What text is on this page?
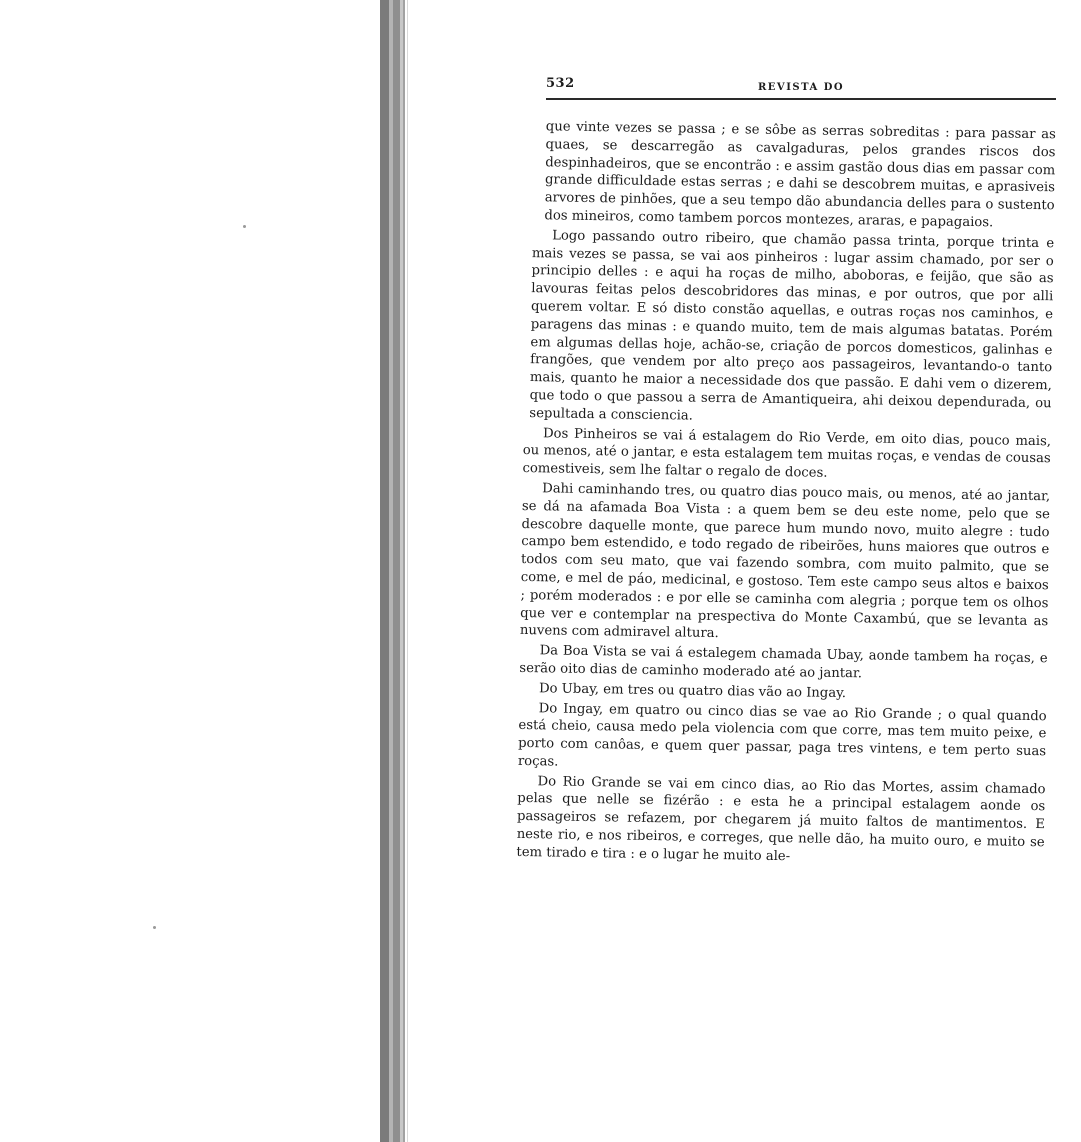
532	REVISTA DO

que vinte vezes se passa ; e se sôbe as serras sobreditas : para passar as quaes, se descarregão as cavalgaduras, pelos grandes riscos dos despinhadeiros, que se encontrão : e assim gastão dous dias em passar com grande difficuldade estas serras ; e dahi se descobrem muitas, e aprasiveis arvores de pinhões, que a seu tempo dão abundancia delles para o sustento dos mineiros, como tambem porcos montezes, araras, e papagaios.

Logo passando outro ribeiro, que chamão passa trinta, porque trinta e mais vezes se passa, se vai aos pinheiros : lugar assim chamado, por ser o principio delles : e aqui ha roças de milho, aboboras, e feijão, que são as lavouras feitas pelos descobridores das minas, e por outros, que por alli querem voltar. E só disto constão aquellas, e outras roças nos caminhos, e paragens das minas : e quando muito, tem de mais algumas batatas. Porém em algumas dellas hoje, achão-se, criação de porcos domesticos, galinhas e frangões, que vendem por alto preço aos passageiros, levantando-o tanto mais, quanto he maior a necessidade dos que passão. E dahi vem o dizerem, que todo o que passou a serra de Amantiqueira, ahi deixou dependurada, ou sepultada a consciencia.

Dos Pinheiros se vai á estalagem do Rio Verde, em oito dias, pouco mais, ou menos, até o jantar, e esta estalagem tem muitas roças, e vendas de cousas comestiveis, sem lhe faltar o regalo de doces.

Dahi caminhando tres, ou quatro dias pouco mais, ou menos, até ao jantar, se dá na afamada Boa Vista : a quem bem se deu este nome, pelo que se descobre daquelle monte, que parece hum mundo novo, muito alegre : tudo campo bem estendido, e todo regado de ribeirões, huns maiores que outros e todos com seu mato, que vai fazendo sombra, com muito palmito, que se come, e mel de páo, medicinal, e gostoso. Tem este campo seus altos e baixos ; porém moderados : e por elle se caminha com alegria ; porque tem os olhos que ver e contemplar na prespectiva do Monte Caxambú, que se levanta as nuvens com admiravel altura.

Da Boa Vista se vai á estalegem chamada Ubay, aonde tambem ha roças, e serão oito dias de caminho moderado até ao jantar.

Do Ubay, em tres ou quatro dias vão ao Ingay.

Do Ingay, em quatro ou cinco dias se vae ao Rio Grande ; o qual quando está cheio, causa medo pela violencia com que corre, mas tem muito peixe, e porto com canôas, e quem quer passar, paga tres vintens, e tem perto suas roças.

Do Rio Grande se vai em cinco dias, ao Rio das Mortes, assim chamado pelas que nelle se fizérão : e esta he a principal estalagem aonde os passageiros se refazem, por chegarem já muito faltos de mantimentos. E neste rio, e nos ribeiros, e correges, que nelle dão, ha muito ouro, e muito se tem tirado e tira : e o lugar he muito ale-
